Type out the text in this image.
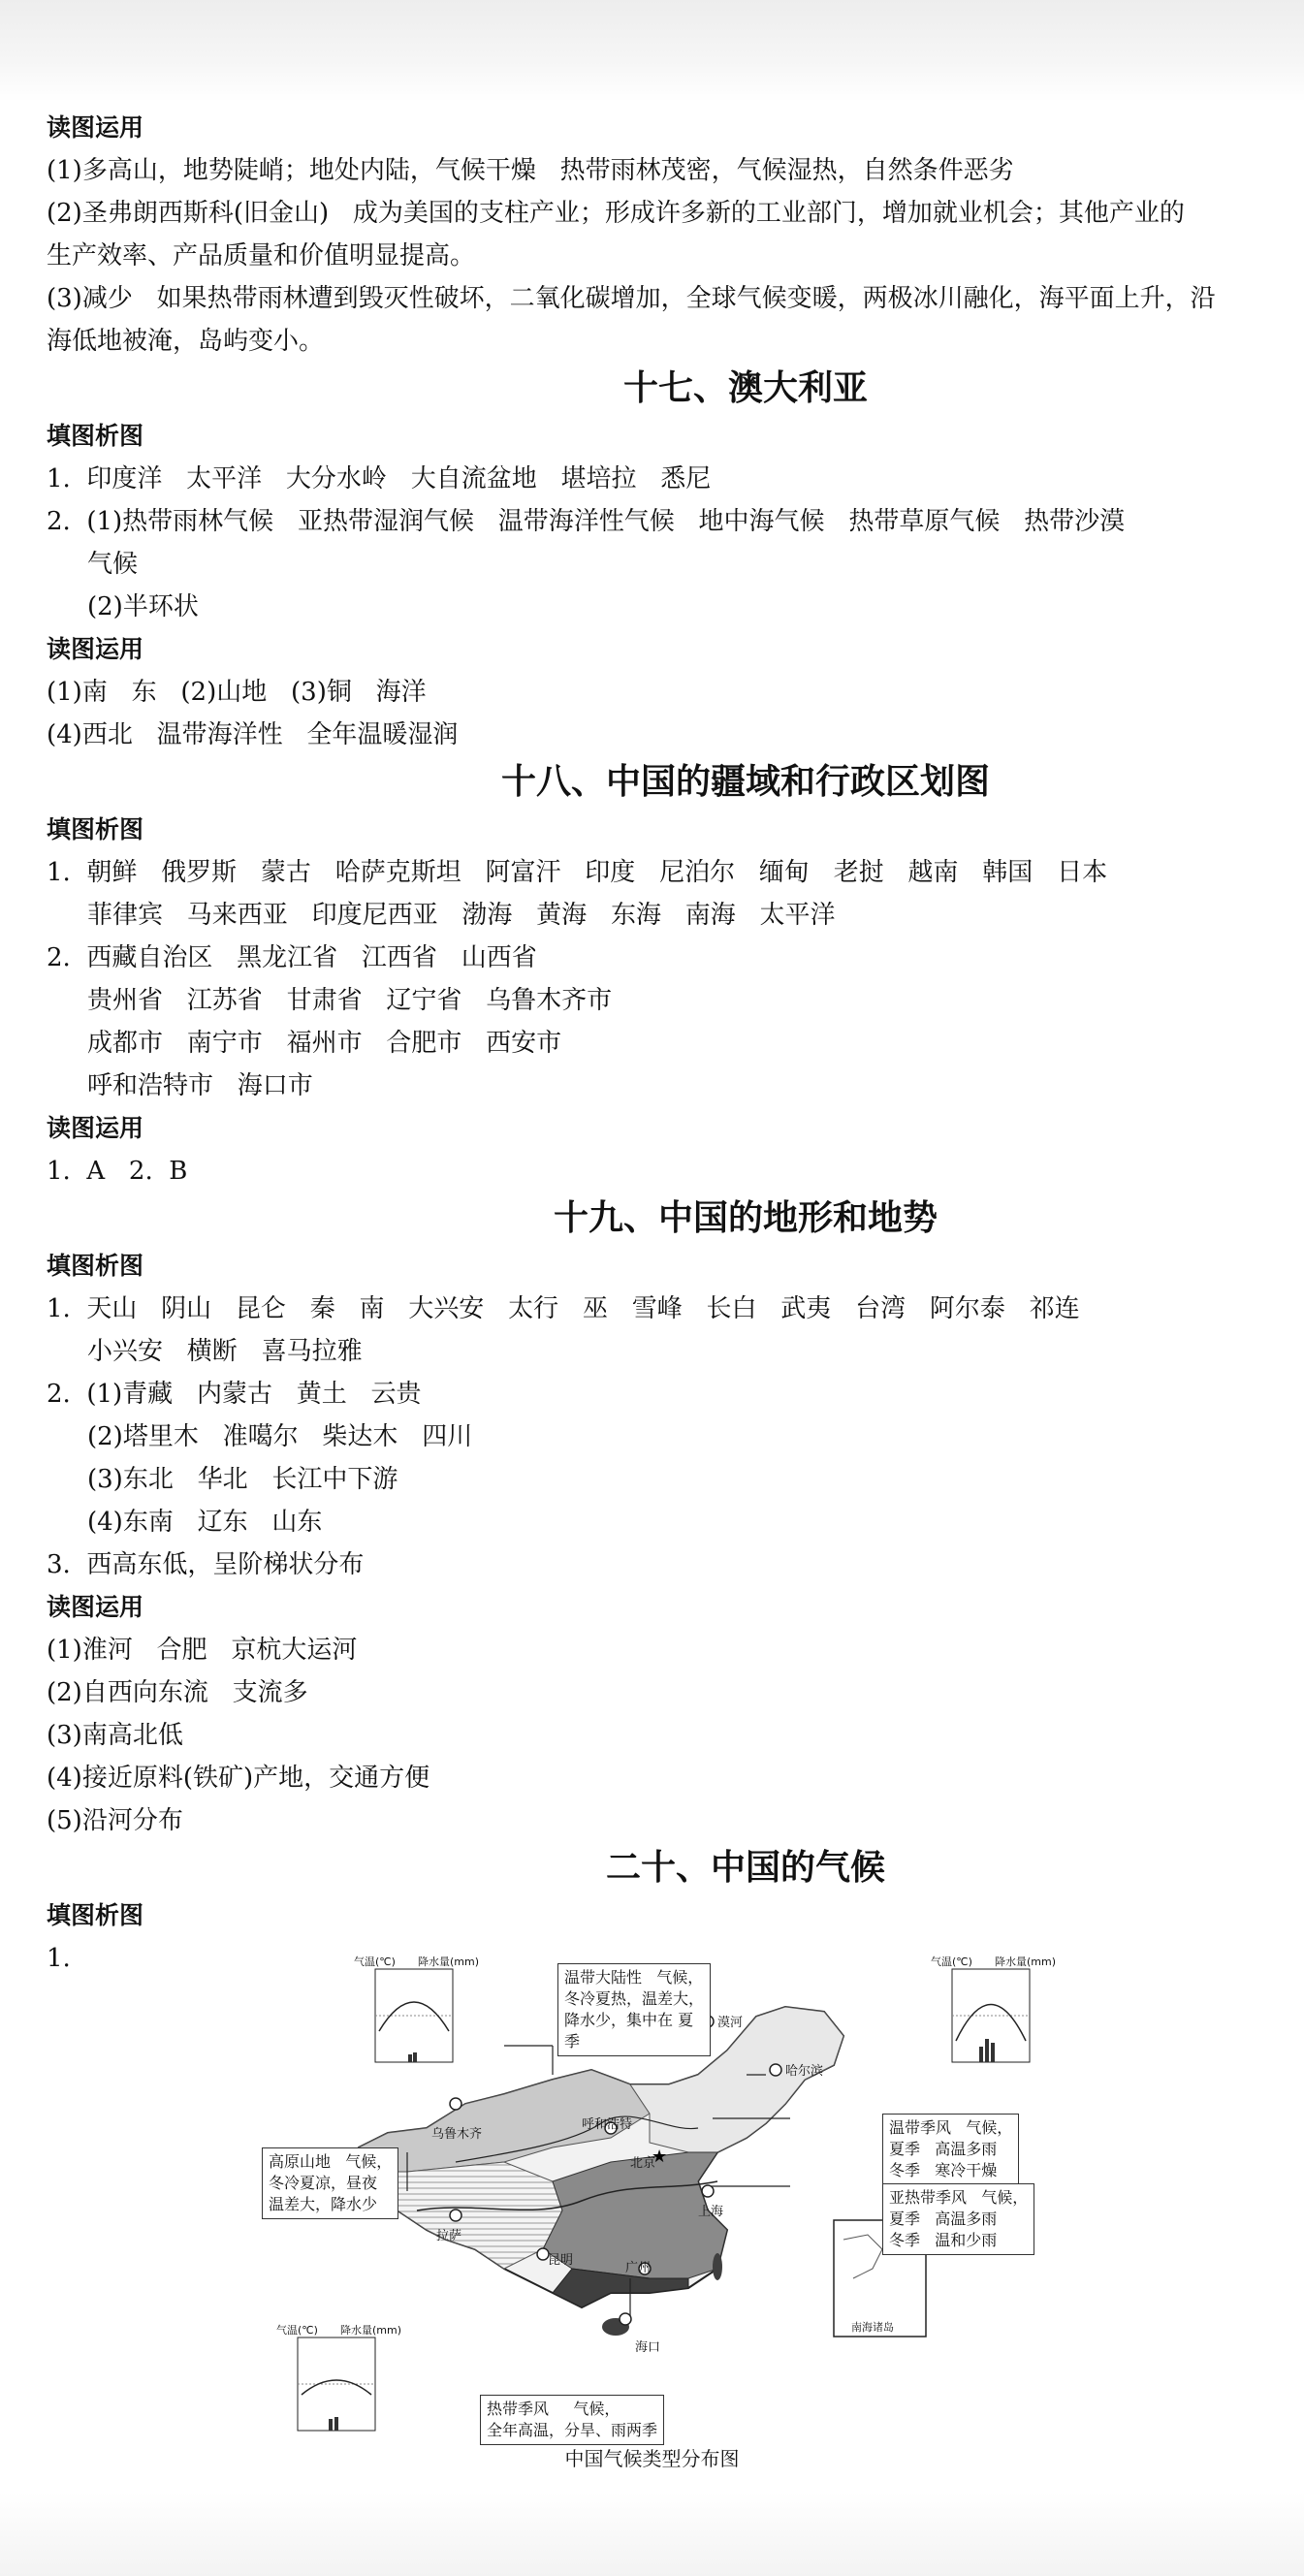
读图运用
(1)多高山，地势陡峭；地处内陆，气候干燥   热带雨林茂密，气候湿热，自然条件恶劣
(2)圣弗朗西斯科(旧金山)   成为美国的支柱产业；形成许多新的工业部门，增加就业机会；其他产业的
生产效率、产品质量和价值明显提高。
(3)减少   如果热带雨林遭到毁灭性破坏，二氧化碳增加，全球气候变暖，两极冰川融化，海平面上升，沿
海低地被淹，岛屿变小。
十七、澳大利亚
填图析图
1.  印度洋   太平洋   大分水岭   大自流盆地   堪培拉   悉尼
2.  (1)热带雨林气候   亚热带湿润气候   温带海洋性气候   地中海气候   热带草原气候   热带沙漠
气候
(2)半环状
读图运用
(1)南   东   (2)山地   (3)铜   海洋
(4)西北   温带海洋性   全年温暖湿润
十八、中国的疆域和行政区划图
填图析图
1.  朝鲜   俄罗斯   蒙古   哈萨克斯坦   阿富汗   印度   尼泊尔   缅甸   老挝   越南   韩国   日本
菲律宾   马来西亚   印度尼西亚   渤海   黄海   东海   南海   太平洋
2.  西藏自治区   黑龙江省   江西省   山西省
贵州省   江苏省   甘肃省   辽宁省   乌鲁木齐市
成都市   南宁市   福州市   合肥市   西安市
呼和浩特市   海口市
读图运用
1.  A   2.  B
十九、中国的地形和地势
填图析图
1.  天山   阴山   昆仑   秦   南   大兴安   太行   巫   雪峰   长白   武夷   台湾   阿尔泰   祁连
小兴安   横断   喜马拉雅
2.  (1)青藏   内蒙古   黄土   云贵
(2)塔里木   准噶尔   柴达木   四川
(3)东北   华北   长江中下游
(4)东南   辽东   山东
3.  西高东低，呈阶梯状分布
读图运用
(1)淮河   合肥   京杭大运河
(2)自西向东流   支流多
(3)南高北低
(4)接近原料(铁矿)产地，交通方便
(5)沿河分布
二十、中国的气候
填图析图
1.
★
温带大陆性   气候，
冬冷夏热，温差大，
降水少，集中在 夏
季
高原山地   气候，
冬冷夏凉，昼夜
温差大，降水少
温带季风   气候，
夏季   高温多雨
冬季   寒冷干燥
亚热带季风   气候，
夏季   高温多雨
冬季   温和少雨
热带季风     气候，
全年高温，分旱、雨两季
乌鲁木齐
漠河
哈尔滨
呼和浩特
北京
拉萨
上海
昆明
广州
海口
南海诸岛
气温(℃) 降水量(mm)	气温(℃) 降水量(mm)
气温(℃) 降水量(mm)
中国气候类型分布图
